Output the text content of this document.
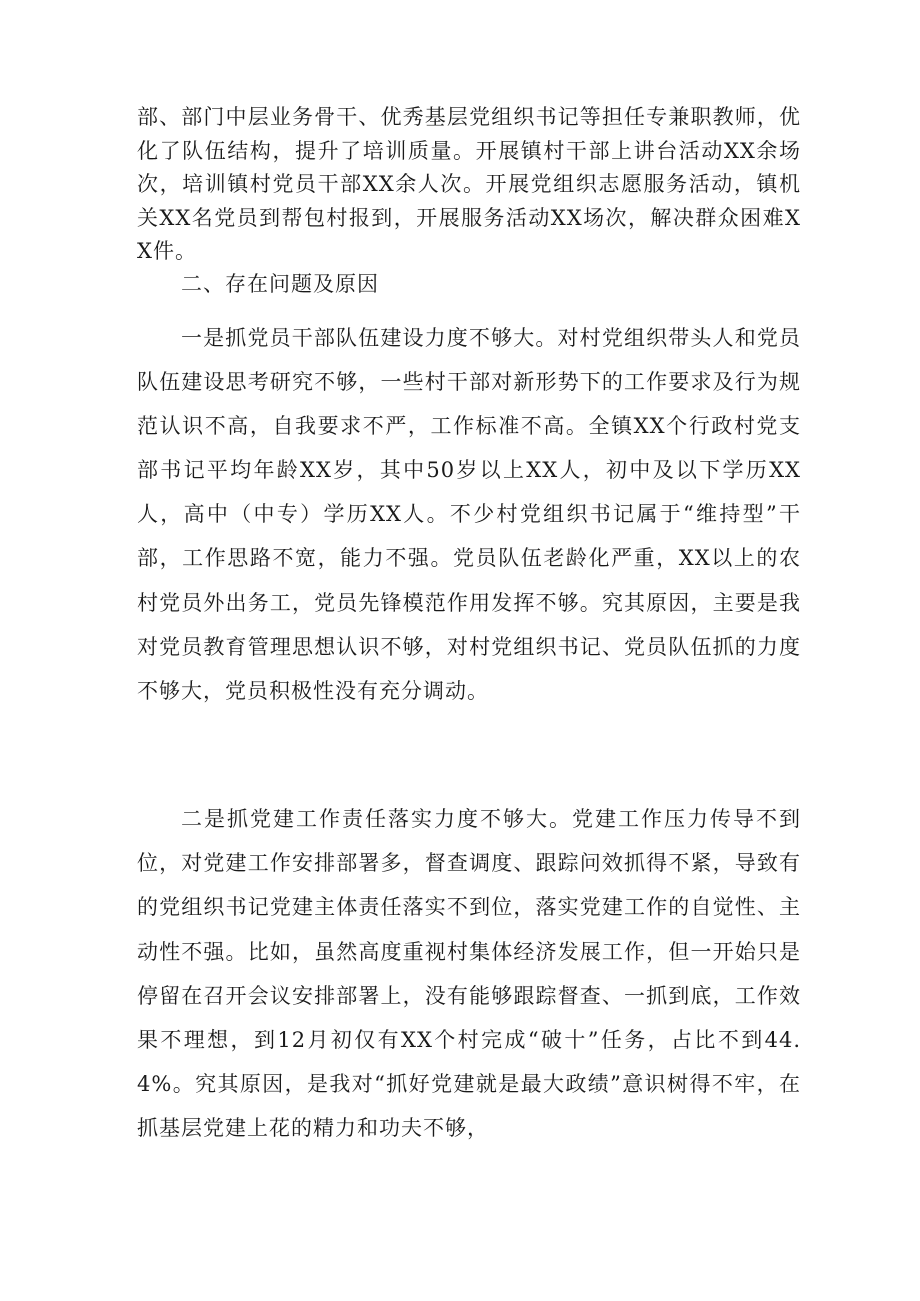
部、部门中层业务骨干、优秀基层党组织书记等担任专兼职教师，优化了队伍结构，提升了培训质量。开展镇村干部上讲台活动XX余场次，培训镇村党员干部XX余人次。开展党组织志愿服务活动，镇机关XX名党员到帮包村报到，开展服务活动XX场次，解决群众困难XX件。

二、存在问题及原因

一是抓党员干部队伍建设力度不够大。对村党组织带头人和党员队伍建设思考研究不够，一些村干部对新形势下的工作要求及行为规范认识不高，自我要求不严，工作标准不高。全镇XX个行政村党支部书记平均年龄XX岁，其中50岁以上XX人，初中及以下学历XX人，高中（中专）学历XX人。不少村党组织书记属于“维持型”干部，工作思路不宽，能力不强。党员队伍老龄化严重，XX以上的农村党员外出务工，党员先锋模范作用发挥不够。究其原因，主要是我对党员教育管理思想认识不够，对村党组织书记、党员队伍抓的力度不够大，党员积极性没有充分调动。

二是抓党建工作责任落实力度不够大。党建工作压力传导不到位，对党建工作安排部署多，督查调度、跟踪问效抓得不紧，导致有的党组织书记党建主体责任落实不到位，落实党建工作的自觉性、主动性不强。比如，虽然高度重视村集体经济发展工作，但一开始只是停留在召开会议安排部署上，没有能够跟踪督查、一抓到底，工作效果不理想，到12月初仅有XX个村完成“破十”任务，占比不到44.4%。究其原因，是我对“抓好党建就是最大政绩”意识树得不牢，在抓基层党建上花的精力和功夫不够，
